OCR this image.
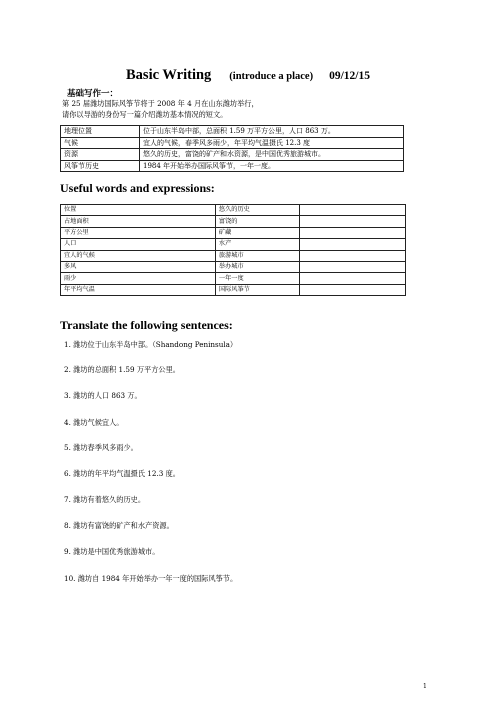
Basic Writing (introduce a place) 09/12/15
基础写作一：
第 25 届潍坊国际风筝节将于 2008 年 4 月在山东潍坊举行，
请你以导游的身份写一篇介绍潍坊基本情况的短文。
地理位置	位于山东半岛中部，总面积 1.59 万平方公里，人口 863 万。
气候	宜人的气候，春季风多雨少，年平均气温摄氏 12.3 度
资源	悠久的历史，富饶的矿产和水资源，是中国优秀旅游城市。
风筝节历史	1984 年开始举办国际风筝节，一年一度。
Useful words and expressions:
位置	悠久的历史	
占地面积	富饶的	
平方公里	矿藏	
人口	水产	
宜人的气候	旅游城市	
多风	举办城市	
雨少	一年一度	
年平均气温	国际风筝节	
Translate the following sentences:
1. 潍坊位于山东半岛中部。（Shandong Peninsula）
2. 潍坊的总面积 1.59 万平方公里。
3. 潍坊的人口 863 万。
4. 潍坊气候宜人。
5. 潍坊春季风多雨少。
6. 潍坊的年平均气温摄氏 12.3 度。
7. 潍坊有着悠久的历史。
8. 潍坊有富饶的矿产和水产资源。
9. 潍坊是中国优秀旅游城市。
10. 潍坊自 1984 年开始举办一年一度的国际风筝节。
1
